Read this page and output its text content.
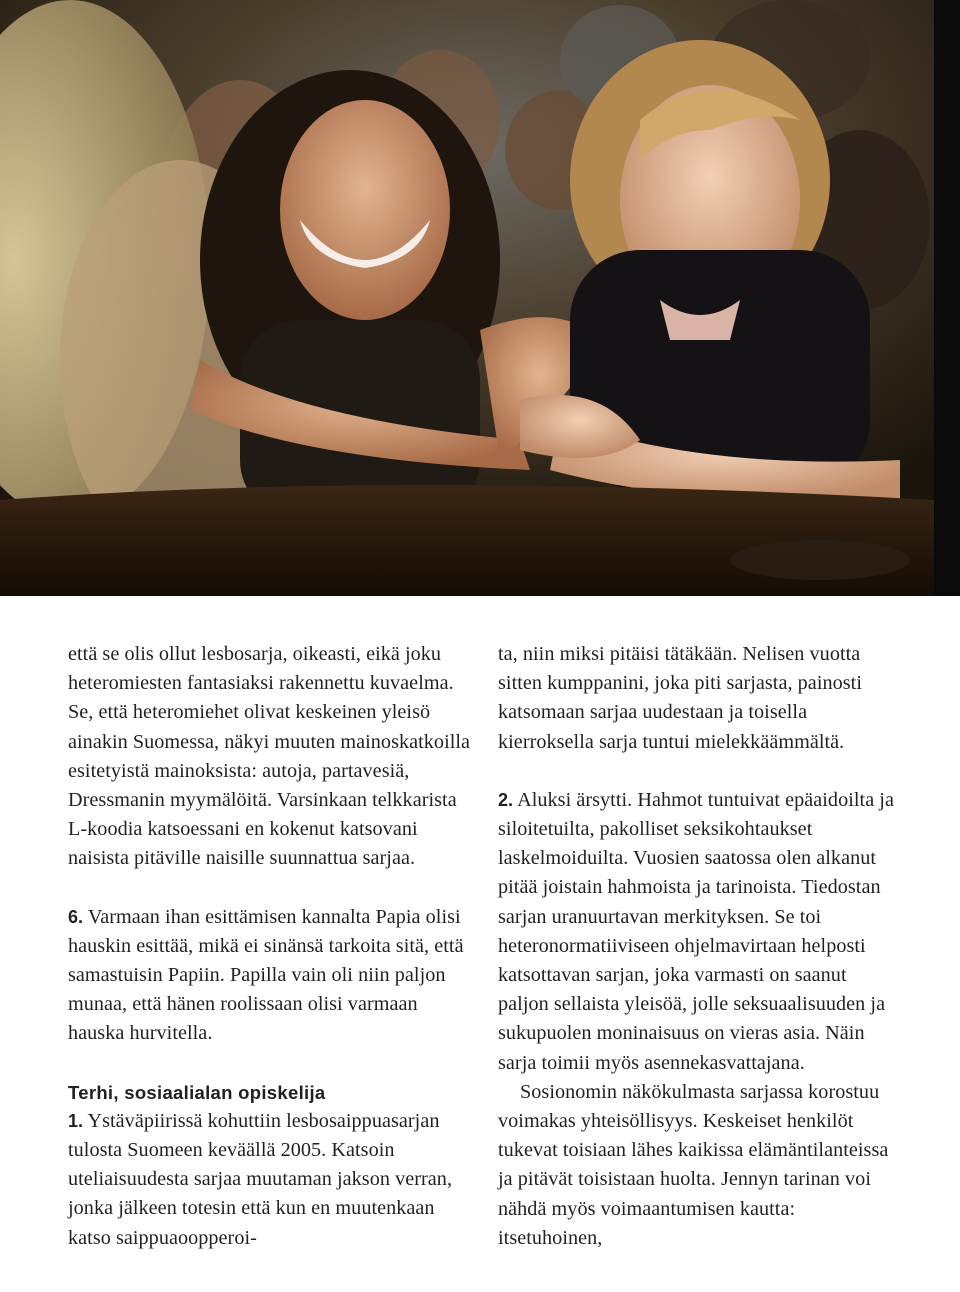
että se olis ollut lesbosarja, oikeasti, eikä joku heteromiesten fantasiaksi rakennettu kuvaelma. Se, että heteromiehet olivat keskeinen yleisö ainakin Suomessa, näkyi muuten mainoskatkoilla esitetyistä mainoksista: autoja, partavesiä, Dressmanin myymälöitä. Varsinkaan telkkarista L-koodia katsoessani en kokenut katsovani naisista pitäville naisille suunnattua sarjaa.

6. Varmaan ihan esittämisen kannalta Papia olisi hauskin esittää, mikä ei sinänsä tarkoita sitä, että samastuisin Papiin. Papilla vain oli niin paljon munaa, että hänen roolissaan olisi varmaan hauska hurvitella.

Terhi, sosiaalialan opiskelija

1. Ystäväpiirissä kohuttiin lesbosaippuasarjan tulosta Suomeen keväällä 2005. Katsoin uteliaisuudesta sarjaa muutaman jakson verran, jonka jälkeen totesin että kun en muutenkaan katso saippuaoopperoi-

ta, niin miksi pitäisi tätäkään. Nelisen vuotta sitten kumppanini, joka piti sarjasta, painosti katsomaan sarjaa uudestaan ja toisella kierroksella sarja tuntui mielekkäämmältä.

2. Aluksi ärsytti. Hahmot tuntuivat epäaidoilta ja siloitetuilta, pakolliset seksikohtaukset laskelmoiduilta. Vuosien saatossa olen alkanut pitää joistain hahmoista ja tarinoista. Tiedostan sarjan uranuurtavan merkityksen. Se toi heteronormatiiviseen ohjelmavirtaan helposti katsottavan sarjan, joka varmasti on saanut paljon sellaista yleisöä, jolle seksuaalisuuden ja sukupuolen moninaisuus on vieras asia. Näin sarja toimii myös asennekasvattajana.

Sosionomin näkökulmasta sarjassa korostuu voimakas yhteisöllisyys. Keskeiset henkilöt tukevat toisiaan lähes kaikissa elämäntilanteissa ja pitävät toisistaan huolta. Jennyn tarinan voi nähdä myös voimaantumisen kautta: itsetuhoinen,
